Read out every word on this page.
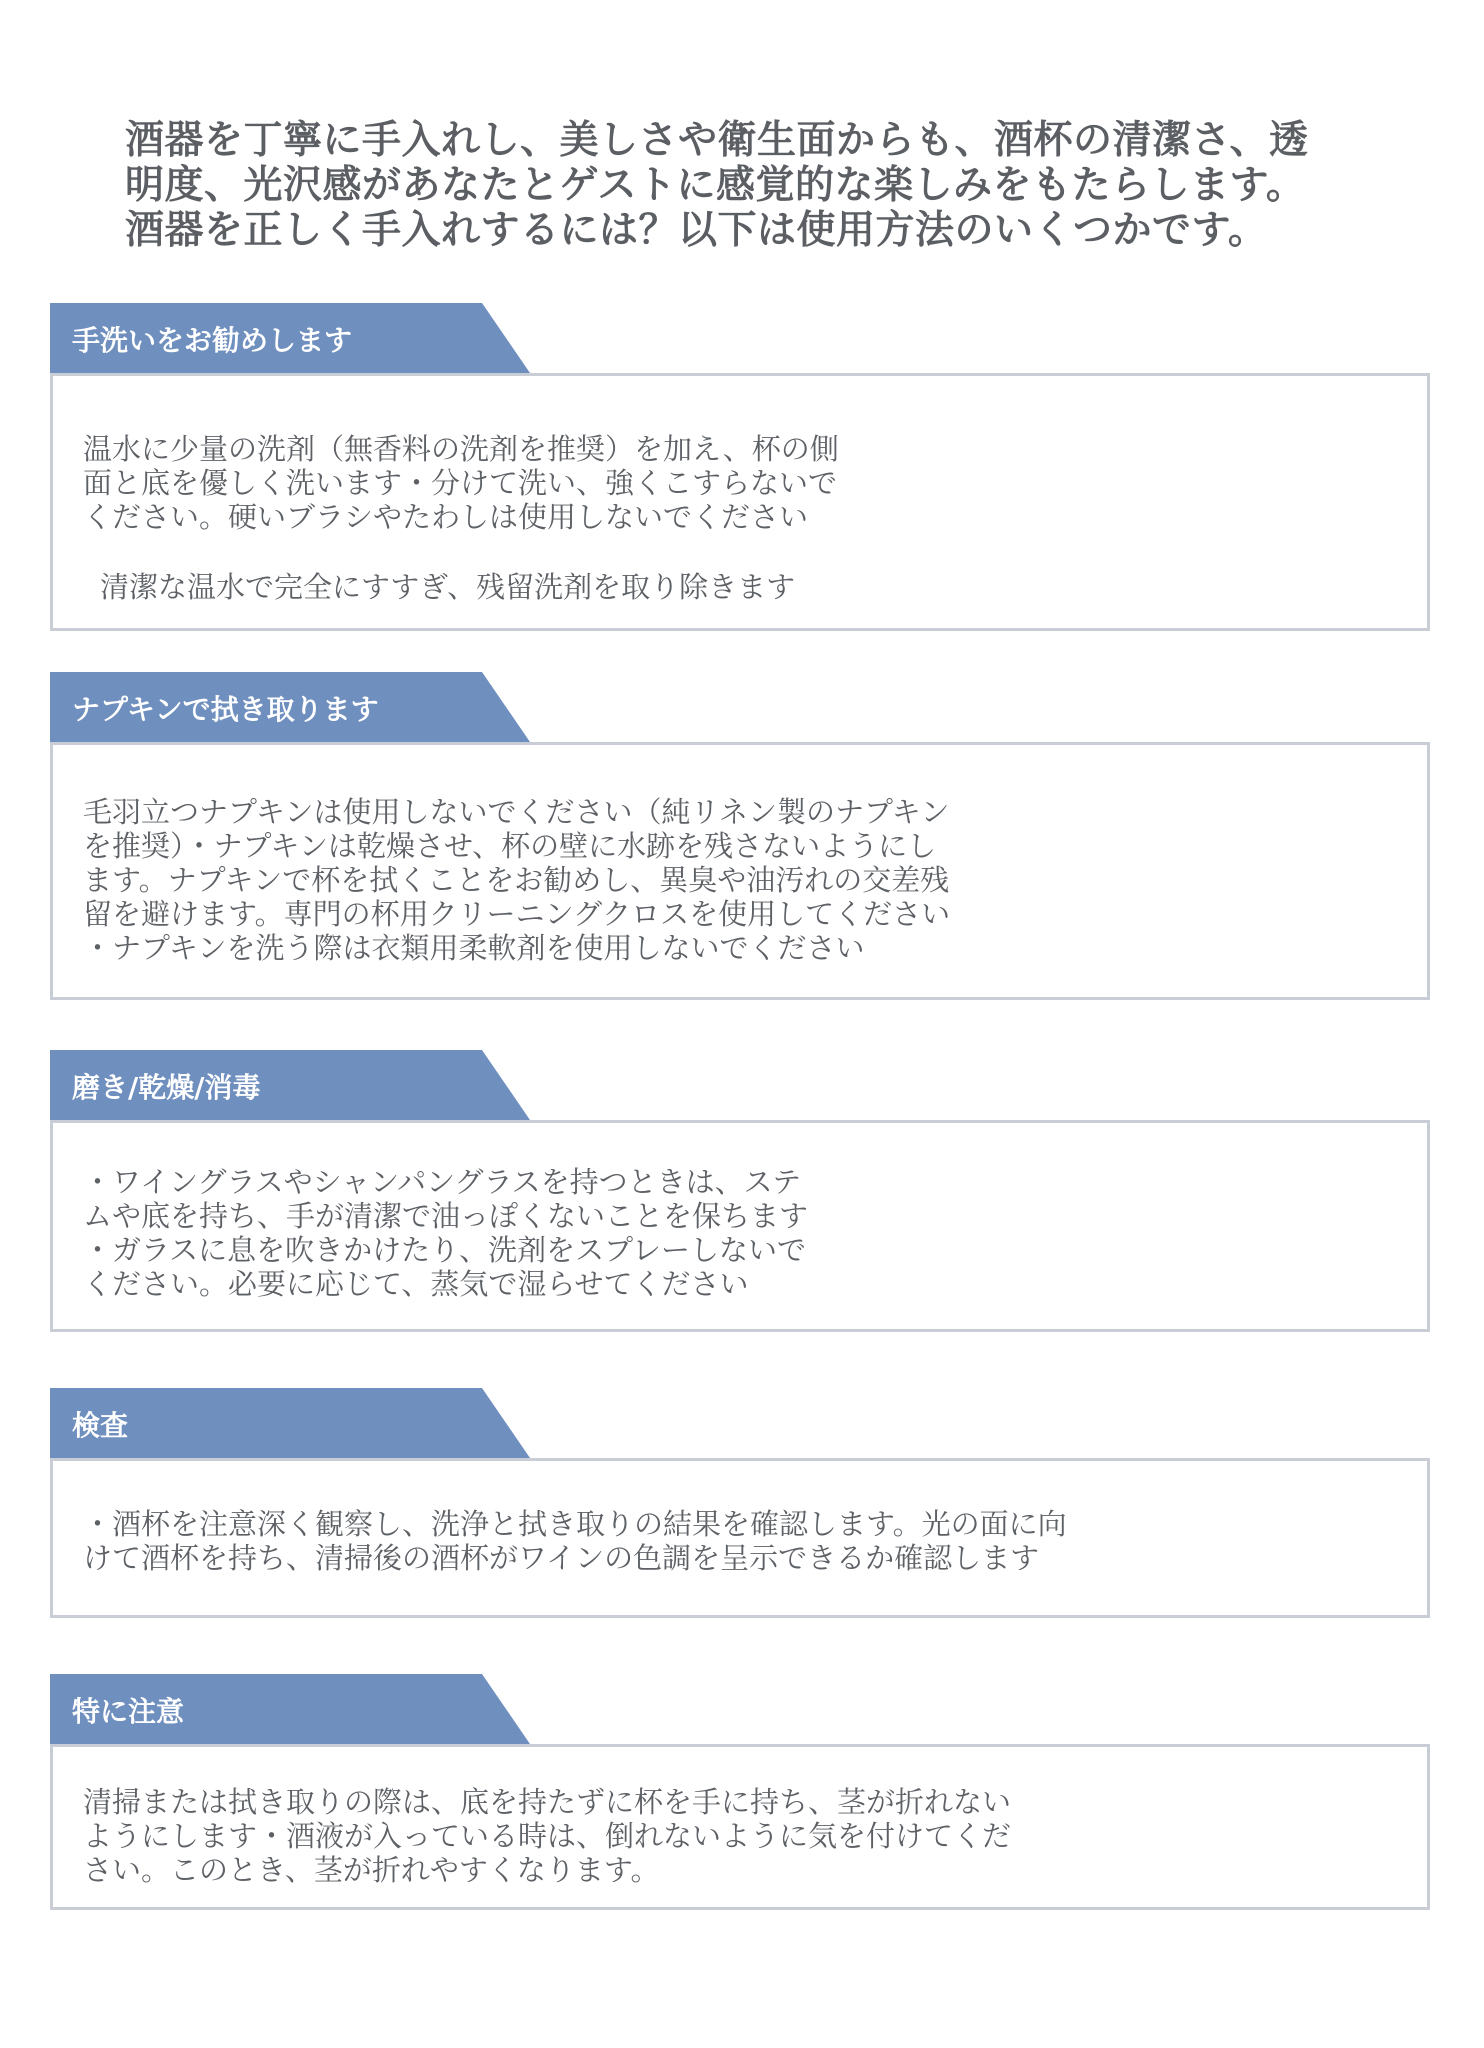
酒器を丁寧に手入れし、美しさや衛生面からも、酒杯の清潔さ、透
明度、光沢感があなたとゲストに感覚的な楽しみをもたらします。
酒器を正しく手入れするには？以下は使用方法のいくつかです。
手洗いをお勧めします
温水に少量の洗剤（無香料の洗剤を推奨）を加え、杯の側
面と底を優しく洗います・分けて洗い、強くこすらないで
ください。硬いブラシやたわしは使用しないでください
清潔な温水で完全にすすぎ、残留洗剤を取り除きます
ナプキンで拭き取ります
毛羽立つナプキンは使用しないでください（純リネン製のナプキン
を推奨）・ナプキンは乾燥させ、杯の壁に水跡を残さないようにし
ます。ナプキンで杯を拭くことをお勧めし、異臭や油汚れの交差残
留を避けます。専門の杯用クリーニングクロスを使用してください
・ナプキンを洗う際は衣類用柔軟剤を使用しないでください
磨き/乾燥/消毒
・ワイングラスやシャンパングラスを持つときは、ステ
ムや底を持ち、手が清潔で油っぽくないことを保ちます
・ガラスに息を吹きかけたり、洗剤をスプレーしないで
ください。必要に応じて、蒸気で湿らせてください
検査
・酒杯を注意深く観察し、洗浄と拭き取りの結果を確認します。光の面に向
けて酒杯を持ち、清掃後の酒杯がワインの色調を呈示できるか確認します
特に注意
清掃または拭き取りの際は、底を持たずに杯を手に持ち、茎が折れない
ようにします・酒液が入っている時は、倒れないように気を付けてくだ
さい。このとき、茎が折れやすくなります。
